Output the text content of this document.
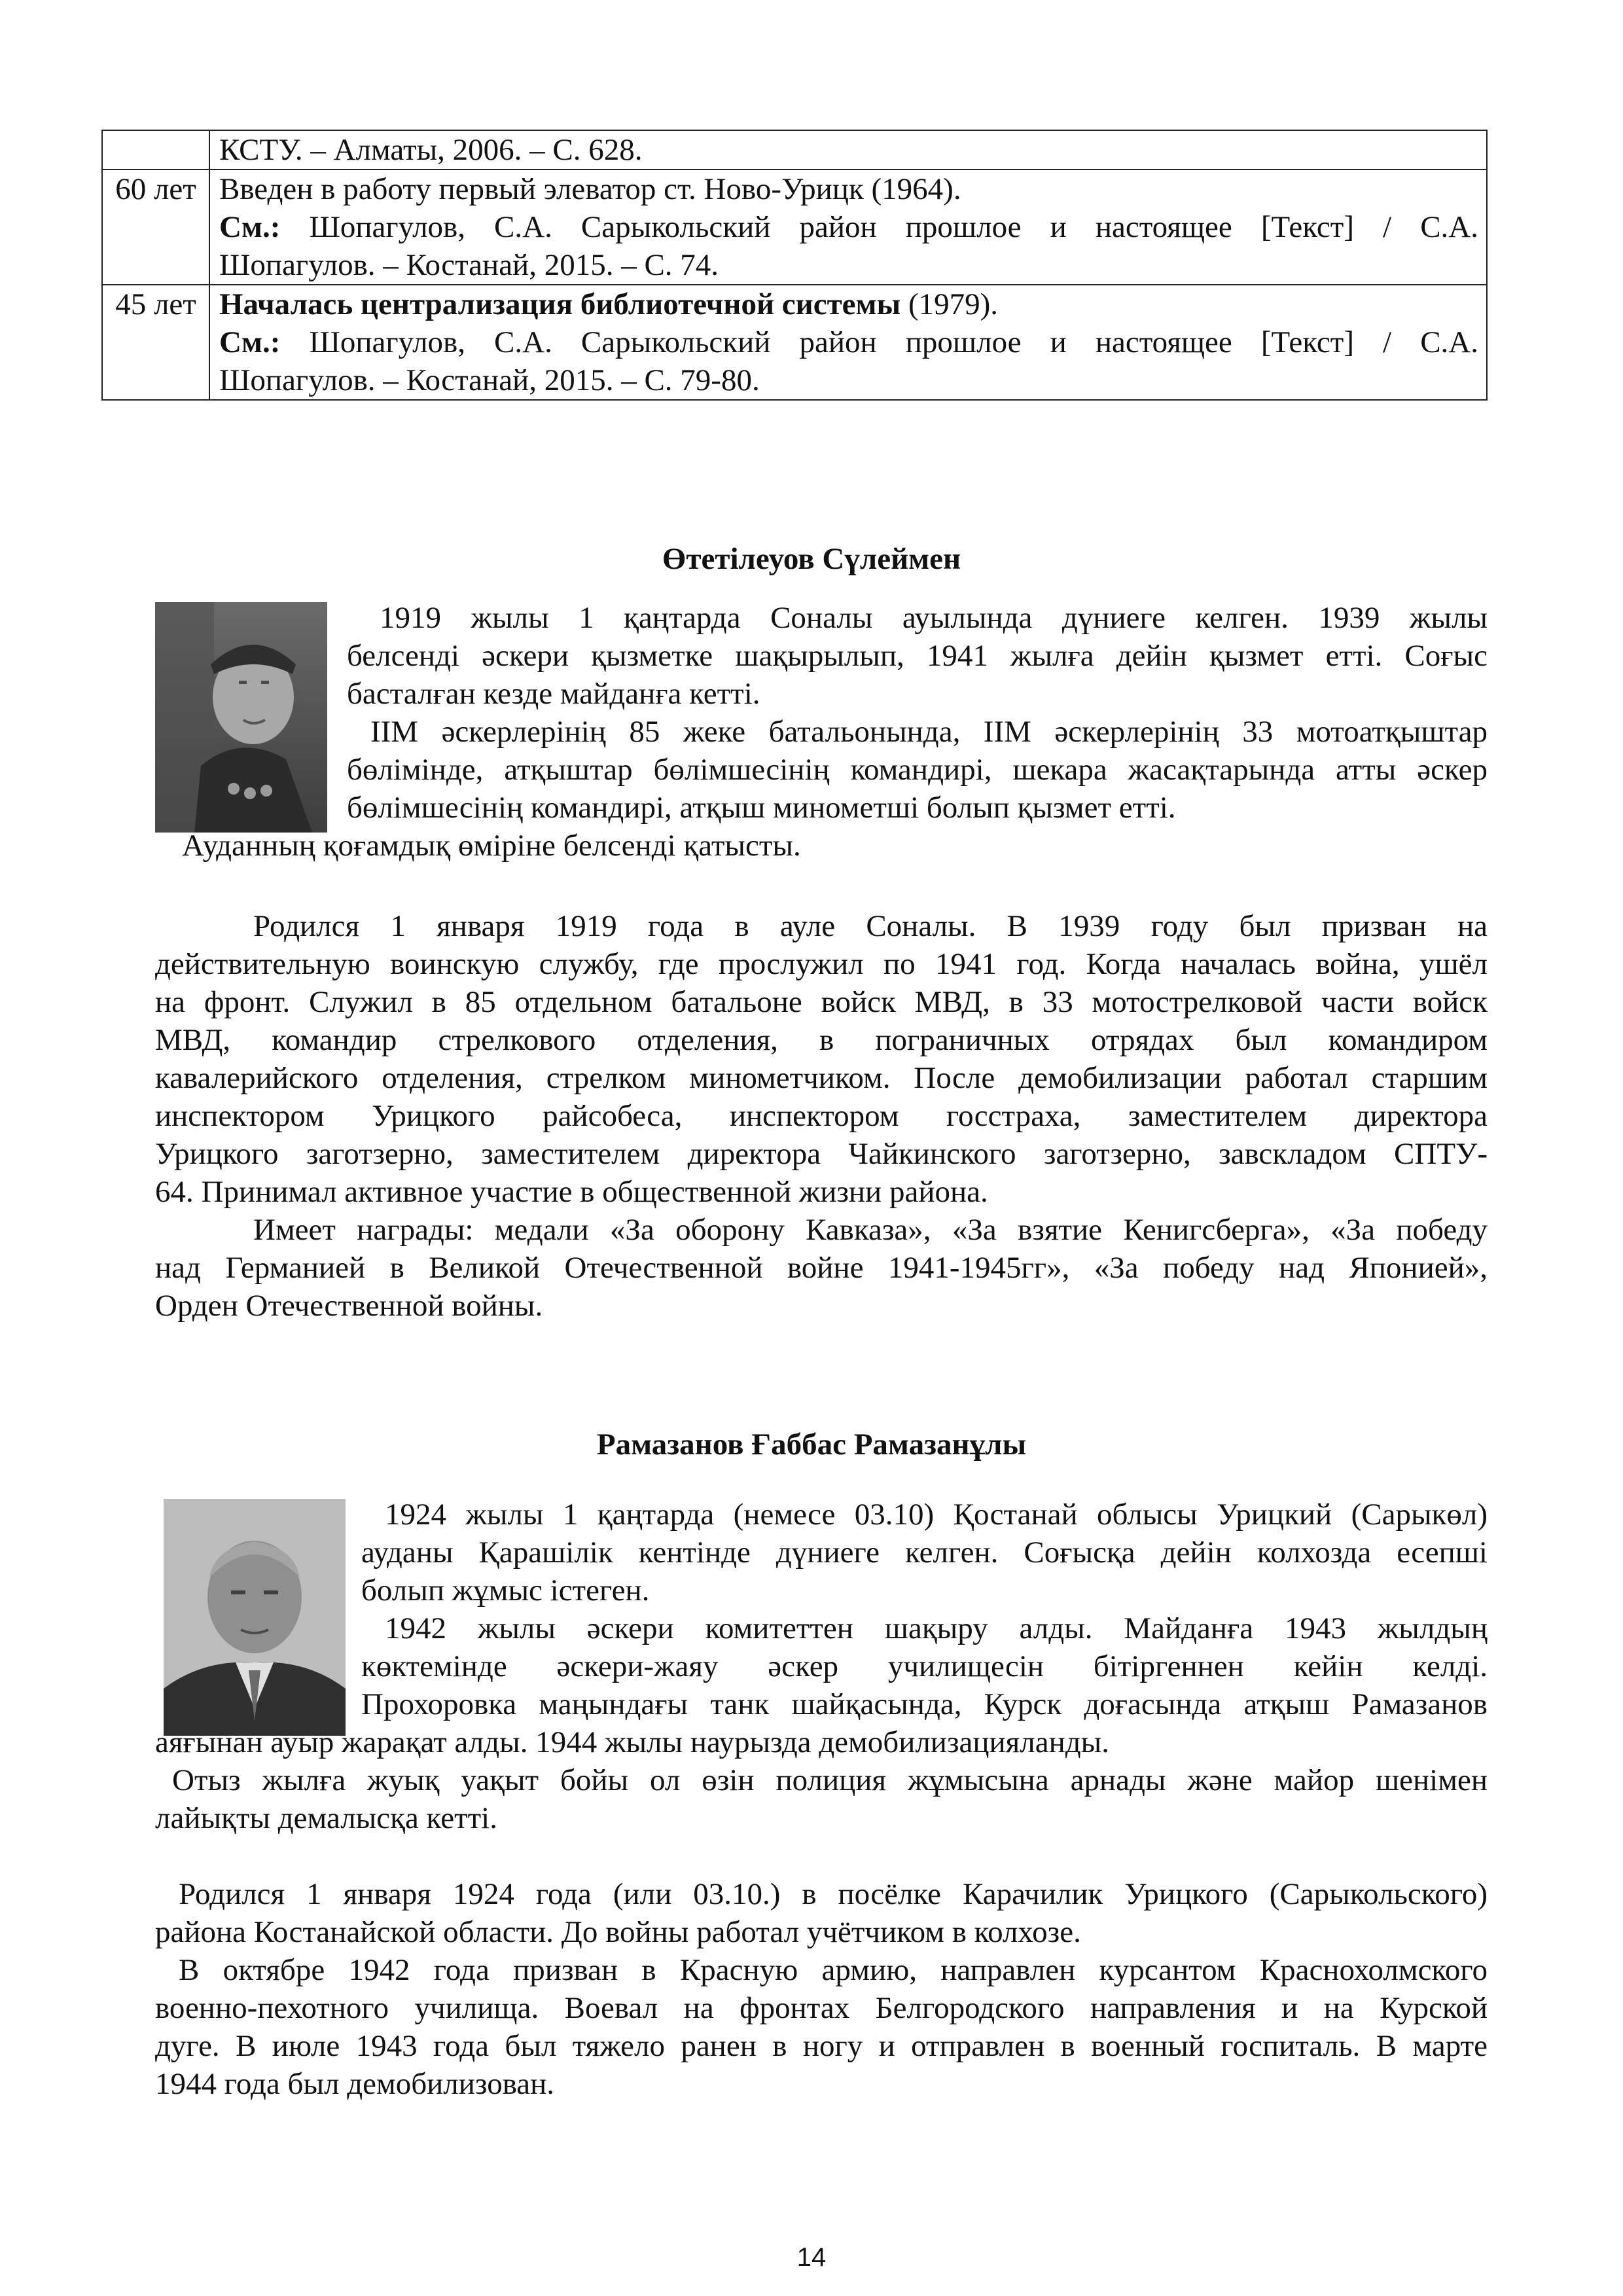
	КСТУ. – Алматы, 2006. – С. 628.

60 лет	Введен в работу первый элеватор ст. Ново-Урицк (1964).
См.: Шопагулов, С.А. Сарыкольский район прошлое и настоящее [Текст] / С.А.
Шопагулов. – Костанай, 2015. – С. 74.

45 лет	Началась централизация библиотечной системы (1979).
См.: Шопагулов, С.А. Сарыкольский район прошлое и настоящее [Текст] / С.А.
Шопагулов. – Костанай, 2015. – С. 79-80.
Өтетілеуов Сүлеймен
1919 жылы 1 қаңтарда Соналы ауылында дүниеге келген. 1939 жылы
белсенді әскери қызметке шақырылып, 1941 жылға дейін қызмет етті. Соғыс
басталған кезде майданға кетті.
ІІМ әскерлерінің 85 жеке батальонында, ІІМ әскерлерінің 33 мотоатқыштар
бөлімінде, атқыштар бөлімшесінің командирі, шекара жасақтарында атты әскер
бөлімшесінің командирі, атқыш миномет​ші болып қызмет етті.
Ауданның қоғамдық өміріне белсенді қатысты.
Родился 1 января 1919 года в ауле Соналы. В 1939 году был призван на
действительную воинскую службу, где прослужил по 1941 год. Когда началась война, ушёл
на фронт. Служил в 85 отдельном батальоне войск МВД, в 33 мотострелковой части войск
МВД, командир стрелкового отделения, в пограничных отрядах был командиром
кавалерийского отделения, стрелком минометчиком. После демобилизации работал старшим
инспектором Урицкого райсобеса, инспектором госстраха, заместителем директора
Урицкого заготзерно, заместителем директора Чайкинского заготзерно, завскладом СПТУ-
64. Принимал активное участие в общественной жизни района.
Имеет награды: медали «За оборону Кавказа», «За взятие Кенигсберга», «За победу
над Германией в Великой Отечественной войне 1941-1945гг», «За победу над Японией»,
Орден Отечественной войны.
Рамазанов Ғаббас Рамазанұлы
1924 жылы 1 қаңтарда (немесе 03.10) Қостанай облысы Урицкий (Сарыкөл)
ауданы Қарашілік кентінде дүниеге келген. Соғысқа дейін колхозда есепші
болып жұмыс істеген.
1942 жылы әскери комитеттен шақыру алды. Майданға 1943 жылдың
көктемінде әскери-жаяу әскер училищесін бітіргеннен кейін келді.
Прохоровка маңындағы танк шайқасында, Курск доғасында атқыш Рамазанов
аяғынан ауыр жарақат алды. 1944 жылы наурызда демобилизацияланды.
Отыз жылға жуық уақыт бойы ол өзін полиция жұмысына арнады және майор шенімен
лайықты демалысқа кетті.
Родился 1 января 1924 года (или 03.10.) в посёлке Карачилик Урицкого (Сарыкольского)
района Костанайской области. До войны работал учётчиком в колхозе.
В октябре 1942 года призван в Красную армию, направлен курсантом Краснохолмского
военно-пехотного училища. Воевал на фронтах Белгородского направления и на Курской
дуге. В июле 1943 года был тяжело ранен в ногу и отправлен в военный госпиталь. В марте
1944 года был демобилизован.
14
